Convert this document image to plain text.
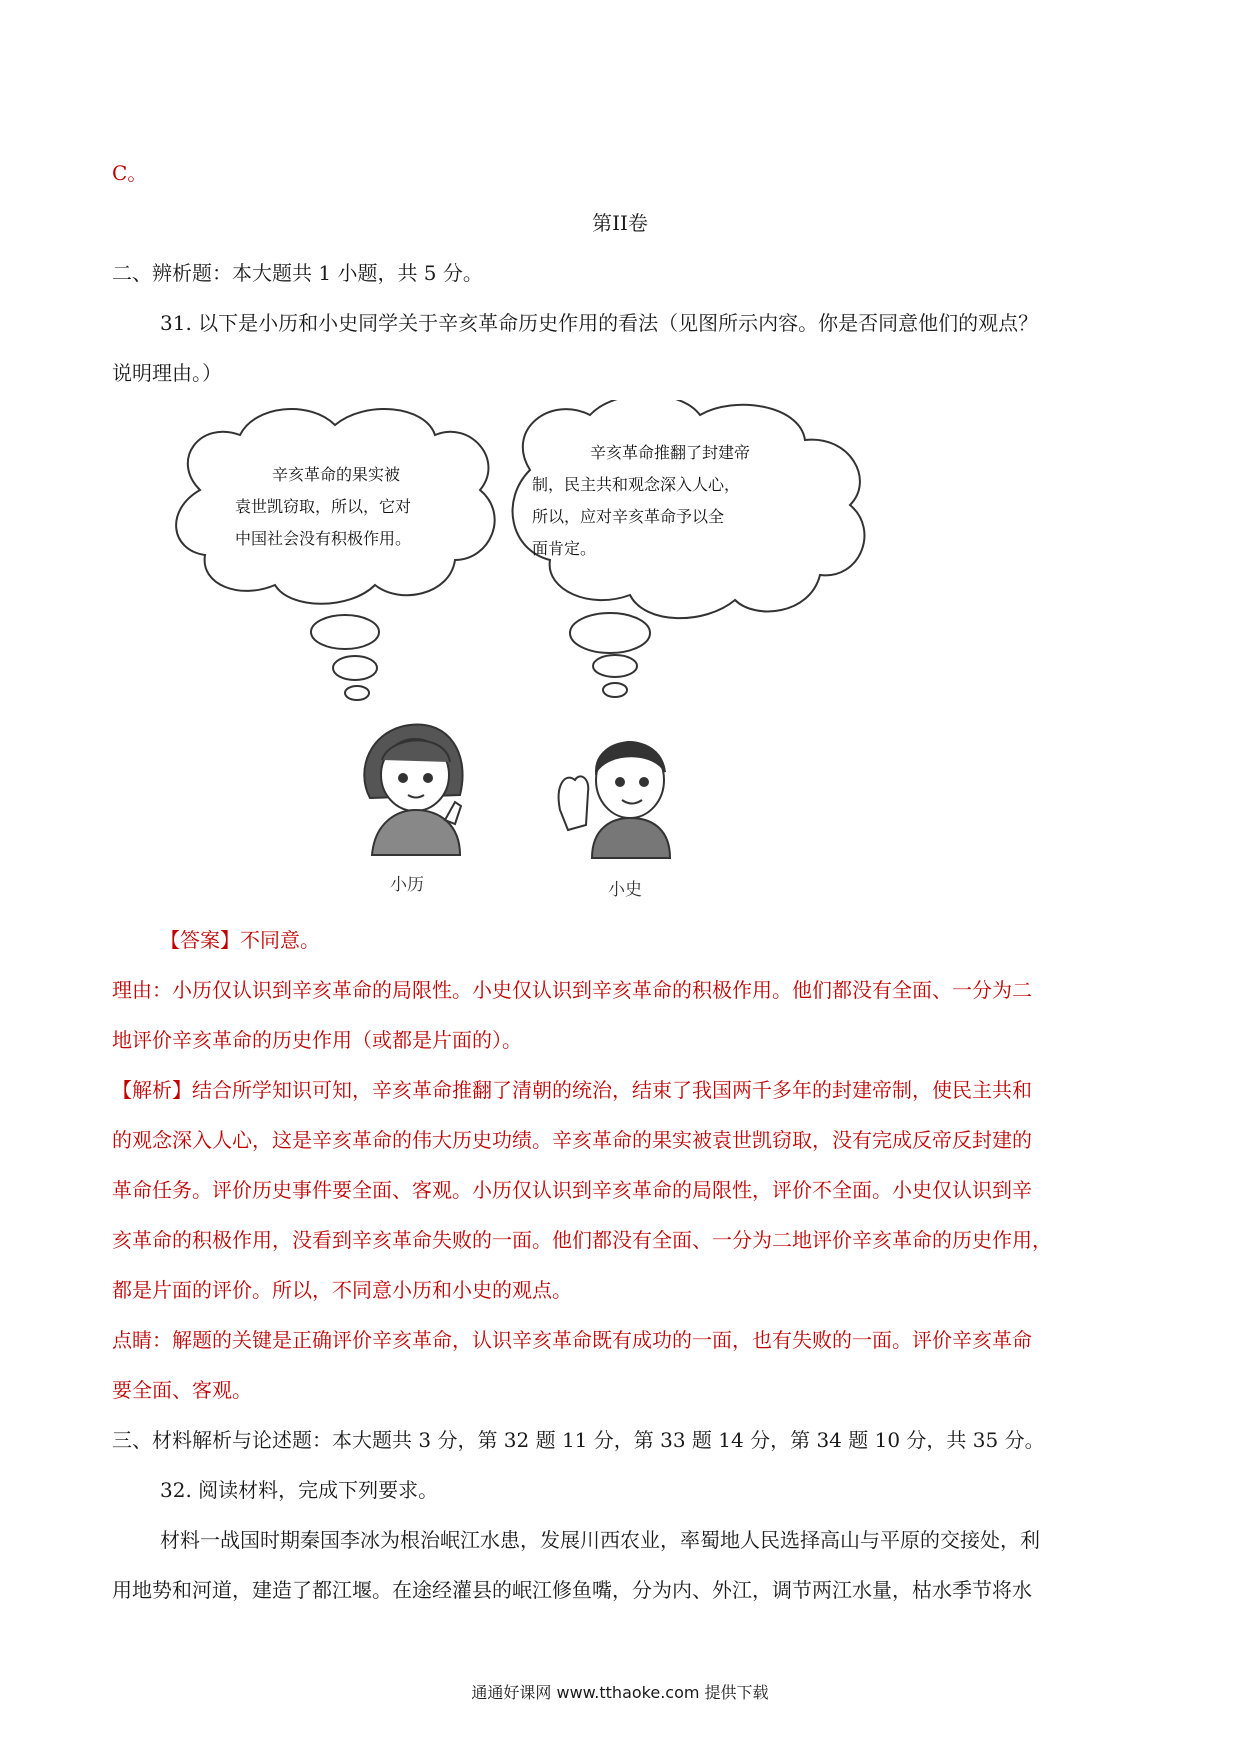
C。

第II卷

二、辨析题：本大题共 1 小题，共 5 分。

31. 以下是小历和小史同学关于辛亥革命历史作用的看法（见图所示内容。你是否同意他们的观点？

说明理由。）

辛亥革命的果实被
袁世凯窃取，所以，它对
中国社会没有积极作用。
辛亥革命推翻了封建帝
制，民主共和观念深入人心，
所以，应对辛亥革命予以全
面肯定。
小历	小史

【答案】不同意。

理由：小历仅认识到辛亥革命的局限性。小史仅认识到辛亥革命的积极作用。他们都没有全面、一分为二

地评价辛亥革命的历史作用（或都是片面的）。

【解析】结合所学知识可知，辛亥革命推翻了清朝的统治，结束了我国两千多年的封建帝制，使民主共和

的观念深入人心，这是辛亥革命的伟大历史功绩。辛亥革命的果实被袁世凯窃取，没有完成反帝反封建的

革命任务。评价历史事件要全面、客观。小历仅认识到辛亥革命的局限性，评价不全面。小史仅认识到辛

亥革命的积极作用，没看到辛亥革命失败的一面。他们都没有全面、一分为二地评价辛亥革命的历史作用，

都是片面的评价。所以，不同意小历和小史的观点。

点睛：解题的关键是正确评价辛亥革命，认识辛亥革命既有成功的一面，也有失败的一面。评价辛亥革命

要全面、客观。

三、材料解析与论述题：本大题共 3 分，第 32 题 11 分，第 33 题 14 分，第 34 题 10 分，共 35 分。

32. 阅读材料，完成下列要求。

材料一战国时期秦国李冰为根治岷江水患，发展川西农业，率蜀地人民选择高山与平原的交接处，利

用地势和河道，建造了都江堰。在途经灌县的岷江修鱼嘴，分为内、外江，调节两江水量，枯水季节将水

通通好课网 www.tthaoke.com 提供下载
